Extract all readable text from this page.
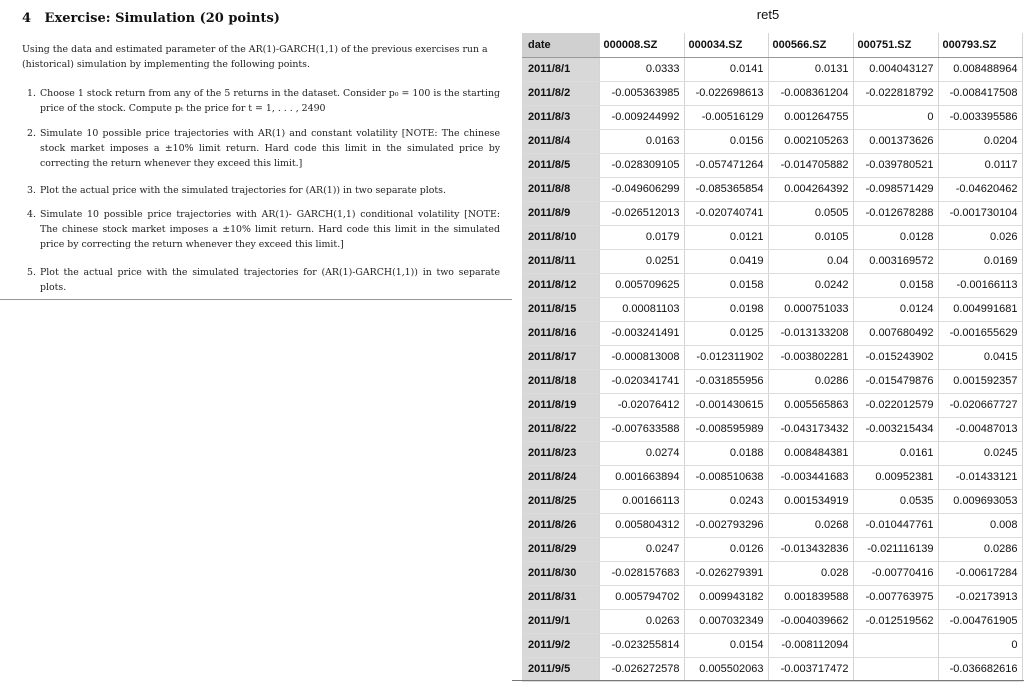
4 Exercise: Simulation (20 points)
Using the data and estimated parameter of the AR(1)-GARCH(1,1) of the previous exercises run a (historical) simulation by implementing the following points.
1. Choose 1 stock return from any of the 5 returns in the dataset. Consider p₀ = 100 is the starting price of the stock. Compute pₜ the price for t = 1, . . . , 2490
2. Simulate 10 possible price trajectories with AR(1) and constant volatility [NOTE: The chinese stock market imposes a ±10% limit return. Hard code this limit in the simulated price by correcting the return whenever they exceed this limit.]
3. Plot the actual price with the simulated trajectories for (AR(1)) in two separate plots.
4. Simulate 10 possible price trajectories with AR(1)- GARCH(1,1) conditional volatility [NOTE: The chinese stock market imposes a ±10% limit return. Hard code this limit in the simulated price by correcting the return whenever they exceed this limit.]
5. Plot the actual price with the simulated trajectories for (AR(1)-GARCH(1,1)) in two separate plots.
ret5
date	000008.SZ	000034.SZ	000566.SZ	000751.SZ	000793.SZ
2011/8/1	0.0333	0.0141	0.0131	0.004043127	0.008488964
2011/8/2	-0.005363985	-0.022698613	-0.008361204	-0.022818792	-0.008417508
2011/8/3	-0.009244992	-0.00516129	0.001264755	0	-0.003395586
2011/8/4	0.0163	0.0156	0.002105263	0.001373626	0.0204
2011/8/5	-0.028309105	-0.057471264	-0.014705882	-0.039780521	0.0117
2011/8/8	-0.049606299	-0.085365854	0.004264392	-0.098571429	-0.04620462
2011/8/9	-0.026512013	-0.020740741	0.0505	-0.012678288	-0.001730104
2011/8/10	0.0179	0.0121	0.0105	0.0128	0.026
2011/8/11	0.0251	0.0419	0.04	0.003169572	0.0169
2011/8/12	0.005709625	0.0158	0.0242	0.0158	-0.00166113
2011/8/15	0.00081103	0.0198	0.000751033	0.0124	0.004991681
2011/8/16	-0.003241491	0.0125	-0.013133208	0.007680492	-0.001655629
2011/8/17	-0.000813008	-0.012311902	-0.003802281	-0.015243902	0.0415
2011/8/18	-0.020341741	-0.031855956	0.0286	-0.015479876	0.001592357
2011/8/19	-0.02076412	-0.001430615	0.005565863	-0.022012579	-0.020667727
2011/8/22	-0.007633588	-0.008595989	-0.043173432	-0.003215434	-0.00487013
2011/8/23	0.0274	0.0188	0.008484381	0.0161	0.0245
2011/8/24	0.001663894	-0.008510638	-0.003441683	0.00952381	-0.01433121
2011/8/25	0.00166113	0.0243	0.001534919	0.0535	0.009693053
2011/8/26	0.005804312	-0.002793296	0.0268	-0.010447761	0.008
2011/8/29	0.0247	0.0126	-0.013432836	-0.021116139	0.0286
2011/8/30	-0.028157683	-0.026279391	0.028	-0.00770416	-0.00617284
2011/8/31	0.005794702	0.009943182	0.001839588	-0.007763975	-0.02173913
2011/9/1	0.0263	0.007032349	-0.004039662	-0.012519562	-0.004761905
2011/9/2	-0.023255814	0.0154	-0.008112094		0
2011/9/5	-0.026272578	0.005502063	-0.003717472		-0.036682616
